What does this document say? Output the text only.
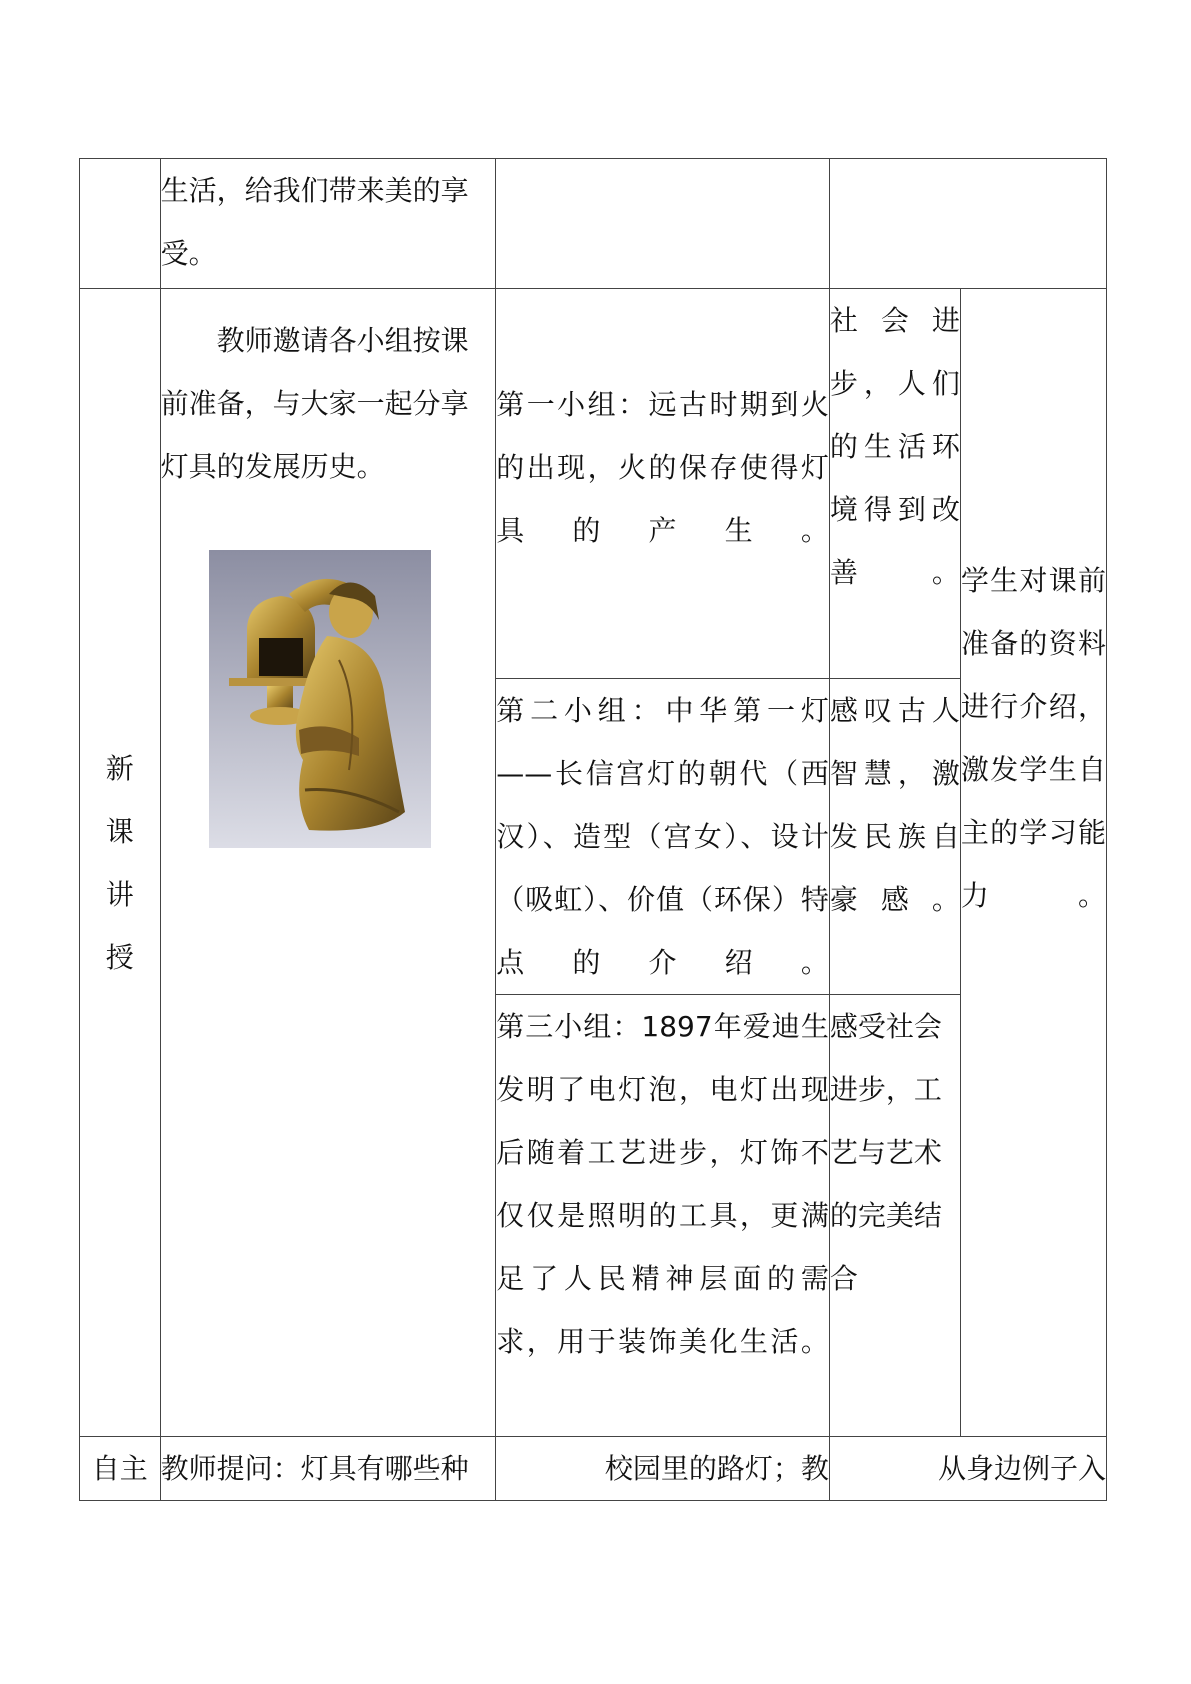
	生活，给我们带来美的享受。			

新课讲授	教师邀请各小组按课前准备，与大家一起分享灯具的发展历史。	第一小组：远古时期到火的出现，火的保存使得灯具的产生。	社会进步，人们的生活环境得到改善。	学生对课前准备的资料进行介绍，激发学生自主的学习能力。

		第二小组：中华第一灯——长信宫灯的朝代（西汉）、造型（宫女）、设计（吸虹）、价值（环保）特点的介绍。	感叹古人智慧，激发民族自豪感。	

		第三小组：1897年爱迪生发明了电灯泡，电灯出现后随着工艺进步，灯饰不仅仅是照明的工具，更满足了人民精神层面的需求，用于装饰美化生活。	感受社会进步，工艺与艺术的完美结合	

自主	教师提问：灯具有哪些种	校园里的路灯；教	从身边例子入	
